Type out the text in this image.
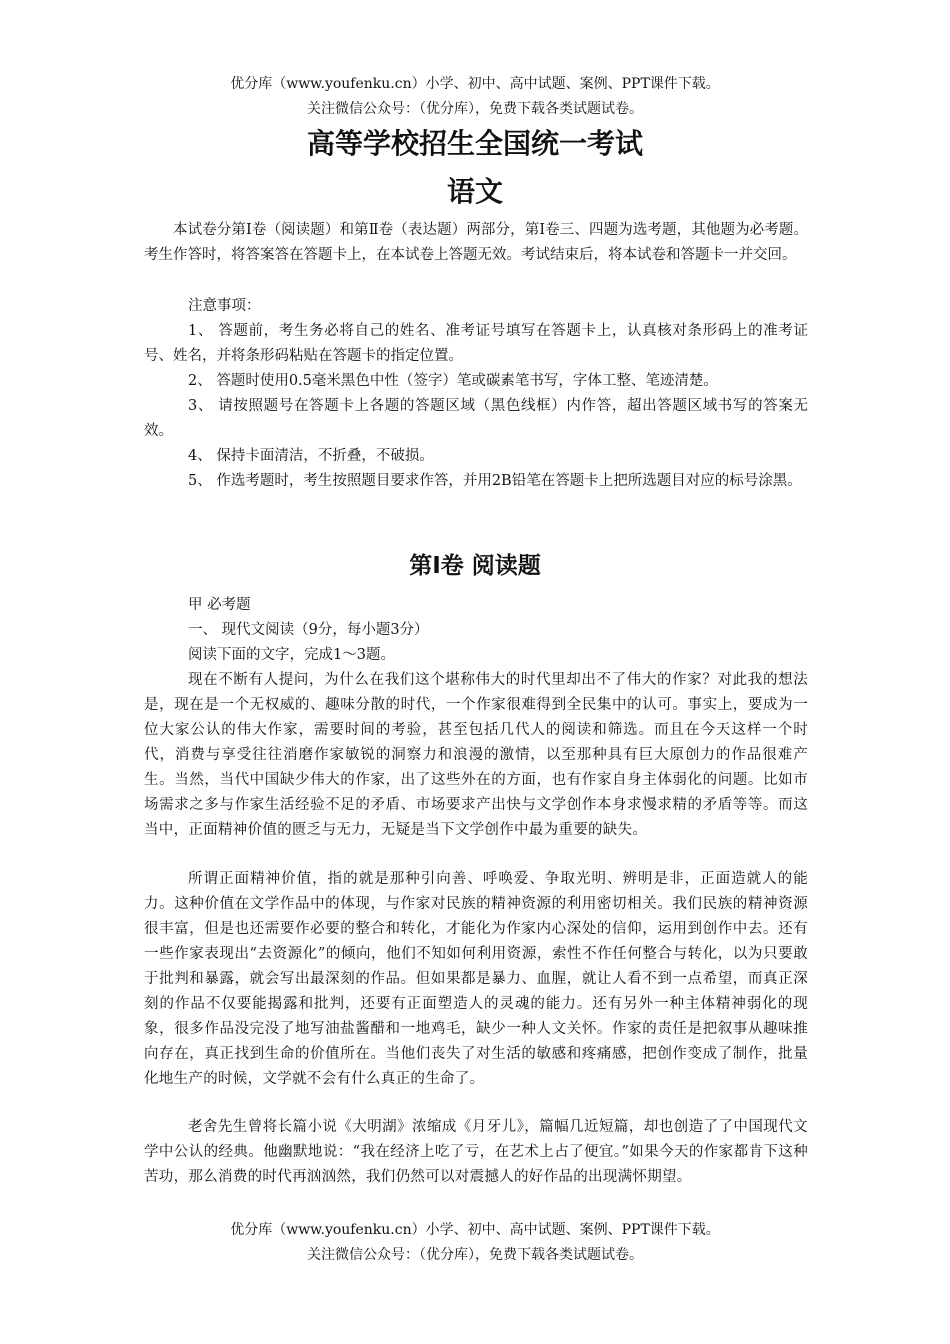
优分库（www.youfenku.cn）小学、初中、高中试题、案例、PPT课件下载。
关注微信公众号：（优分库），免费下载各类试题试卷。
高等学校招生全国统一考试
语文
本试卷分第Ⅰ卷（阅读题）和第Ⅱ卷（表达题）两部分，第Ⅰ卷三、四题为选考题，其他题为必考题。考生作答时，将答案答在答题卡上，在本试卷上答题无效。考试结束后，将本试卷和答题卡一并交回。
注意事项：
1、 答题前，考生务必将自己的姓名、准考证号填写在答题卡上，认真核对条形码上的准考证号、姓名，并将条形码粘贴在答题卡的指定位置。
2、 答题时使用0.5毫米黑色中性（签字）笔或碳素笔书写，字体工整、笔迹清楚。
3、 请按照题号在答题卡上各题的答题区域（黑色线框）内作答，超出答题区域书写的答案无效。
4、 保持卡面清洁，不折叠，不破损。
5、 作选考题时，考生按照题目要求作答，并用2B铅笔在答题卡上把所选题目对应的标号涂黑。
第Ⅰ卷 阅读题
甲 必考题
一、 现代文阅读（9分，每小题3分）
阅读下面的文字，完成1～3题。
现在不断有人提问，为什么在我们这个堪称伟大的时代里却出不了伟大的作家？对此我的想法是，现在是一个无权威的、趣味分散的时代，一个作家很难得到全民集中的认可。事实上，要成为一位大家公认的伟大作家，需要时间的考验，甚至包括几代人的阅读和筛选。而且在今天这样一个时代，消费与享受往往消磨作家敏锐的洞察力和浪漫的激情，以至那种具有巨大原创力的作品很难产生。当然，当代中国缺少伟大的作家，出了这些外在的方面，也有作家自身主体弱化的问题。比如市场需求之多与作家生活经验不足的矛盾、市场要求产出快与文学创作本身求慢求精的矛盾等等。而这当中，正面精神价值的匮乏与无力，无疑是当下文学创作中最为重要的缺失。
所谓正面精神价值，指的就是那种引向善、呼唤爱、争取光明、辨明是非，正面造就人的能力。这种价值在文学作品中的体现，与作家对民族的精神资源的利用密切相关。我们民族的精神资源很丰富，但是也还需要作必要的整合和转化，才能化为作家内心深处的信仰，运用到创作中去。还有一些作家表现出“去资源化”的倾向，他们不知如何利用资源，索性不作任何整合与转化，以为只要敢于批判和暴露，就会写出最深刻的作品。但如果都是暴力、血腥，就让人看不到一点希望，而真正深刻的作品不仅要能揭露和批判，还要有正面塑造人的灵魂的能力。还有另外一种主体精神弱化的现象，很多作品没完没了地写油盐酱醋和一地鸡毛，缺少一种人文关怀。作家的责任是把叙事从趣味推向存在，真正找到生命的价值所在。当他们丧失了对生活的敏感和疼痛感，把创作变成了制作，批量化地生产的时候，文学就不会有什么真正的生命了。
老舍先生曾将长篇小说《大明湖》浓缩成《月牙儿》，篇幅几近短篇，却也创造了了中国现代文学中公认的经典。他幽默地说：“我在经济上吃了亏，在艺术上占了便宜。”如果今天的作家都肯下这种苦功，那么消费的时代再汹汹然，我们仍然可以对震撼人的好作品的出现满怀期望。
优分库（www.youfenku.cn）小学、初中、高中试题、案例、PPT课件下载。
关注微信公众号：（优分库），免费下载各类试题试卷。
